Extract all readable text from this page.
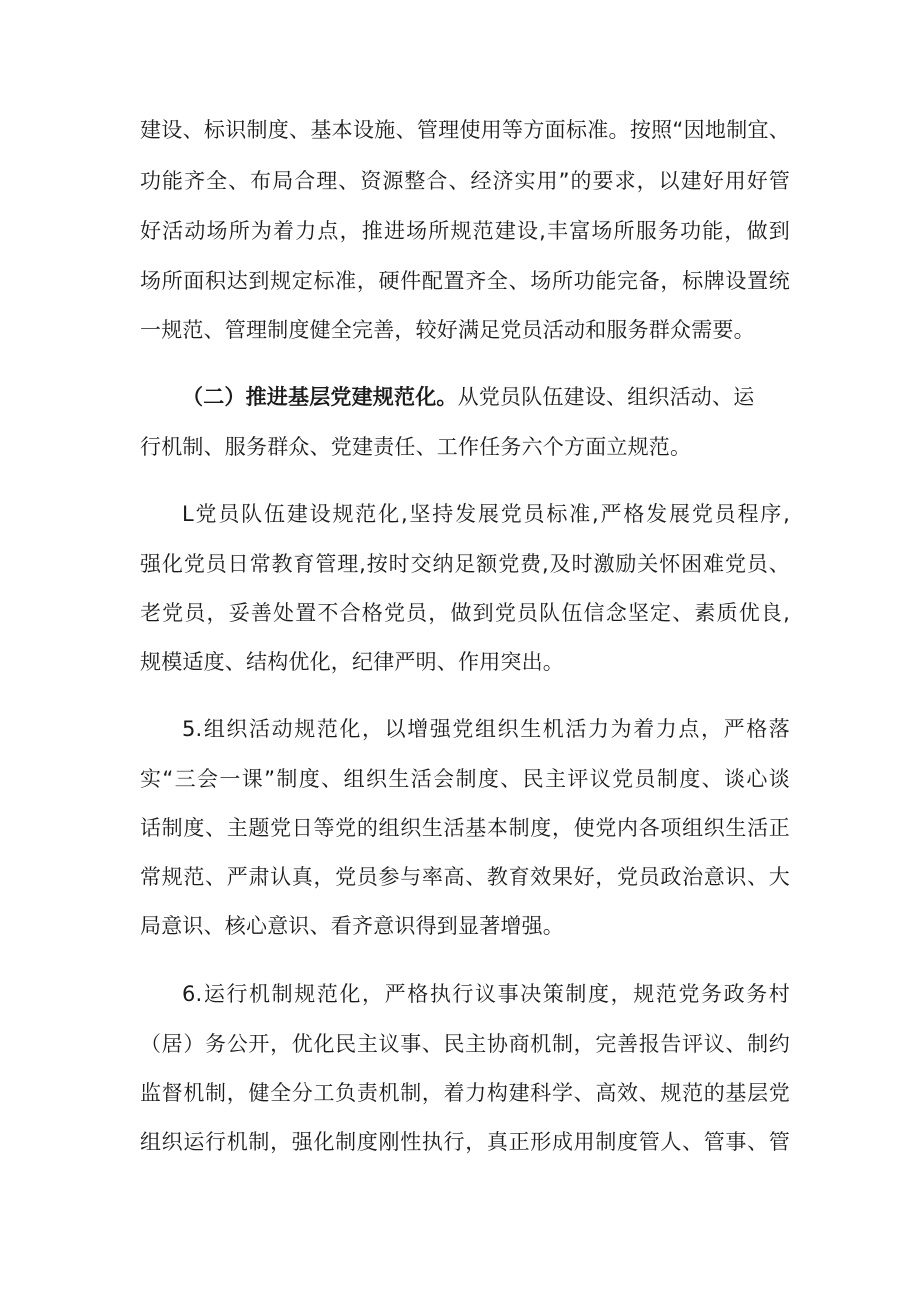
建设、标识制度、基本设施、管理使用等方面标准。按照“因地制宜、
功能齐全、布局合理、资源整合、经济实用”的要求，以建好用好管
好活动场所为着力点，推进场所规范建设,丰富场所服务功能，做到
场所面积达到规定标准，硬件配置齐全、场所功能完备，标牌设置统
一规范、管理制度健全完善，较好满足党员活动和服务群众需要。
（二）推进基层党建规范化。从党员队伍建设、组织活动、运
行机制、服务群众、党建责任、工作任务六个方面立规范。
L党员队伍建设规范化,坚持发展党员标准,严格发展党员程序,
强化党员日常教育管理,按时交纳足额党费,及时激励关怀困难党员、
老党员，妥善处置不合格党员，做到党员队伍信念坚定、素质优良,
规模适度、结构优化，纪律严明、作用突出。
5.组织活动规范化，以增强党组织生机活力为着力点，严格落
实“三会一课”制度、组织生活会制度、民主评议党员制度、谈心谈
话制度、主题党日等党的组织生活基本制度，使党内各项组织生活正
常规范、严肃认真，党员参与率高、教育效果好，党员政治意识、大
局意识、核心意识、看齐意识得到显著增强。
6.运行机制规范化，严格执行议事决策制度，规范党务政务村
（居）务公开，优化民主议事、民主协商机制，完善报告评议、制约
监督机制，健全分工负责机制，着力构建科学、高效、规范的基层党
组织运行机制，强化制度刚性执行，真正形成用制度管人、管事、管
